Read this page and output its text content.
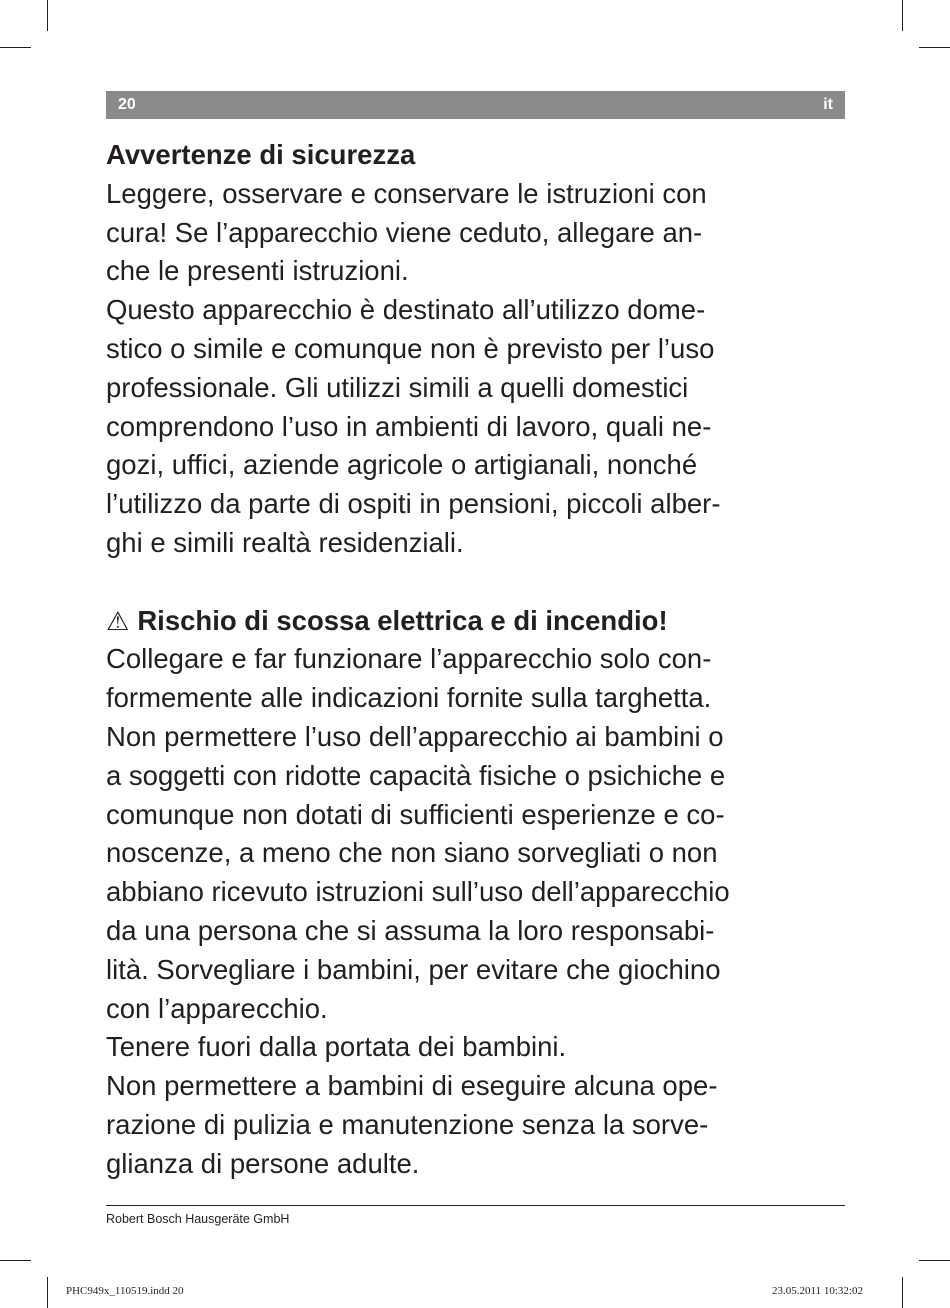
20	it
Avvertenze di sicurezza
Leggere, osservare e conservare le istruzioni con
cura! Se l’apparecchio viene ceduto, allegare an-
che le presenti istruzioni.
Questo apparecchio è destinato all’utilizzo dome-
stico o simile e comunque non è previsto per l’uso
professionale. Gli utilizzi simili a quelli domestici
comprendono l’uso in ambienti di lavoro, quali ne-
gozi, uffici, aziende agricole o artigianali, nonché
l’utilizzo da parte di ospiti in pensioni, piccoli alber-
ghi e simili realtà residenziali.
⚠ Rischio di scossa elettrica e di incendio!
Collegare e far funzionare l’apparecchio solo con-
formemente alle indicazioni fornite sulla targhetta.
Non permettere l’uso dell’apparecchio ai bambini o
a soggetti con ridotte capacità fisiche o psichiche e
comunque non dotati di sufficienti esperienze e co-
noscenze, a meno che non siano sorvegliati o non
abbiano ricevuto istruzioni sull’uso dell’apparecchio
da una persona che si assuma la loro responsabi-
lità. Sorvegliare i bambini, per evitare che giochino
con l’apparecchio.
Tenere fuori dalla portata dei bambini.
Non permettere a bambini di eseguire alcuna ope-
razione di pulizia e manutenzione senza la sorve-
glianza di persone adulte.
Robert Bosch Hausgeräte GmbH
PHC949x_110519.indd 20	23.05.2011 10:32:02
